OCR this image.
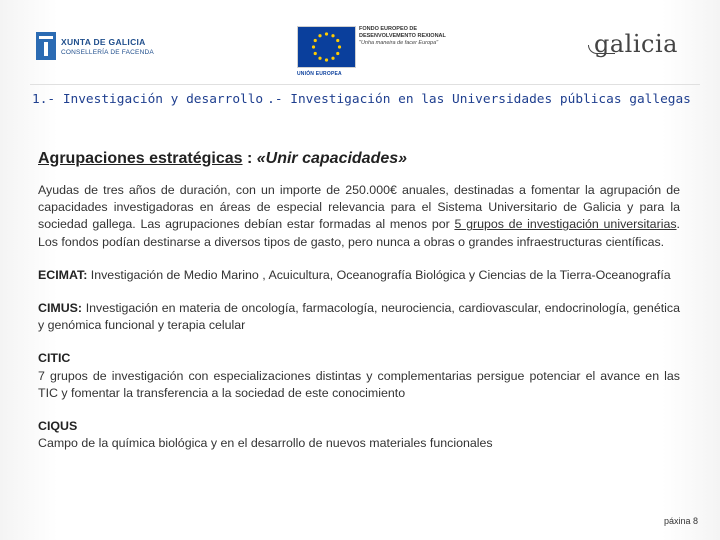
XUNTA DE GALICIA
CONSELLERÍA DE FACENDA
UNIÓN EUROPEA
FONDO EUROPEO DE
DESENVOLVEMENTO REXIONAL
"Unha maneira de facer Europa"	galicia
1.- Investigación y desarrollo .- Investigación en las Universidades públicas gallegas
Agrupaciones estratégicas : «Unir capacidades»

Ayudas de tres años de duración, con un importe de 250.000€ anuales, destinadas a fomentar la agrupación de capacidades investigadoras en áreas de especial relevancia para el Sistema Universitario de Galicia y para la sociedad gallega. Las agrupaciones debían estar formadas al menos por 5 grupos de investigación universitarias. Los fondos podían destinarse a diversos tipos de gasto, pero nunca a obras o grandes infraestructuras científicas.

ECIMAT: Investigación de Medio Marino , Acuicultura, Oceanografía Biológica y Ciencias de la Tierra-Oceanografía
CIMUS: Investigación en materia de oncología, farmacología, neurociencia, cardiovascular, endocrinología, genética y genómica funcional y terapia celular
CITIC
7 grupos de investigación con especializaciones distintas y complementarias persigue potenciar el avance en las TIC y fomentar la transferencia a la sociedad de este conocimiento
CIQUS
Campo de la química biológica y en el desarrollo de nuevos materiales funcionales
páxina 8
